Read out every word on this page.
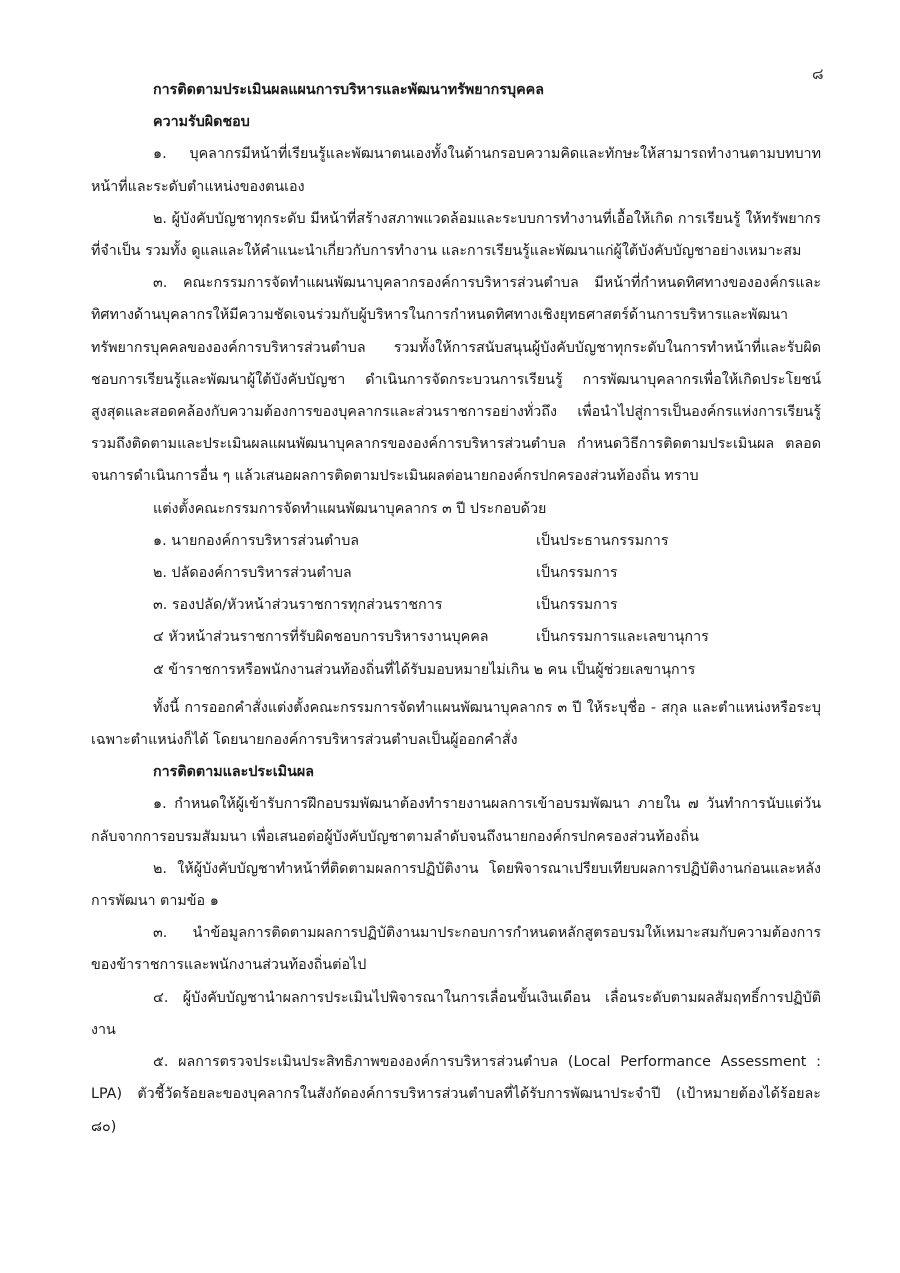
๘
การติดตามประเมินผลแผนการบริหารและพัฒนาทรัพยากรบุคคล
ความรับผิดชอบ
๑. บุคลากรมีหน้าที่เรียนรู้และพัฒนาตนเองทั้งในด้านกรอบความคิดและทักษะให้สามารถทำงานตามบทบาทหน้าที่และระดับตำแหน่งของตนเอง
๒. ผู้บังคับบัญชาทุกระดับ มีหน้าที่สร้างสภาพแวดล้อมและระบบการทำงานที่เอื้อให้เกิด การเรียนรู้ ให้ทรัพยากรที่จำเป็น รวมทั้ง ดูแลและให้คำแนะนำเกี่ยวกับการทำงาน และการเรียนรู้และพัฒนาแก่ผู้ใต้บังคับบัญชาอย่างเหมาะสม
๓. คณะกรรมการจัดทำแผนพัฒนาบุคลากรองค์การบริหารส่วนตำบล มีหน้าที่กำหนดทิศทางขององค์กรและทิศทางด้านบุคลากรให้มีความชัดเจนร่วมกับผู้บริหารในการกำหนดทิศทางเชิงยุทธศาสตร์ด้านการบริหารและพัฒนาทรัพยากรบุคคลขององค์การบริหารส่วนตำบล รวมทั้งให้การสนับสนุนผู้บังคับบัญชาทุกระดับในการทำหน้าที่และรับผิดชอบการเรียนรู้และพัฒนาผู้ใต้บังคับบัญชา ดำเนินการจัดกระบวนการเรียนรู้ การพัฒนาบุคลากรเพื่อให้เกิดประโยชน์สูงสุดและสอดคล้องกับความต้องการของบุคลากรและส่วนราชการอย่างทั่วถึง เพื่อนำไปสู่การเป็นองค์กรแห่งการเรียนรู้ รวมถึงติดตามและประเมินผลแผนพัฒนาบุคลากรขององค์การบริหารส่วนตำบล กำหนดวิธีการติดตามประเมินผล ตลอดจนการดำเนินการอื่น ๆ แล้วเสนอผลการติดตามประเมินผลต่อนายกองค์กรปกครองส่วนท้องถิ่น ทราบ
แต่งตั้งคณะกรรมการจัดทำแผนพัฒนาบุคลากร ๓ ปี ประกอบด้วย
๑. นายกองค์การบริหารส่วนตำบล	เป็นประธานกรรมการ
๒. ปลัดองค์การบริหารส่วนตำบล	เป็นกรรมการ
๓. รองปลัด/หัวหน้าส่วนราชการทุกส่วนราชการ	เป็นกรรมการ
๔ หัวหน้าส่วนราชการที่รับผิดชอบการบริหารงานบุคคล	เป็นกรรมการและเลขานุการ
๕ ข้าราชการหรือพนักงานส่วนท้องถิ่นที่ได้รับมอบหมายไม่เกิน ๒ คน เป็นผู้ช่วยเลขานุการ
ทั้งนี้ การออกคำสั่งแต่งตั้งคณะกรรมการจัดทำแผนพัฒนาบุคลากร ๓ ปี ให้ระบุชื่อ - สกุล และตำแหน่งหรือระบุเฉพาะตำแหน่งก็ได้ โดยนายกองค์การบริหารส่วนตำบลเป็นผู้ออกคำสั่ง
การติดตามและประเมินผล
๑. กำหนดให้ผู้เข้ารับการฝึกอบรมพัฒนาต้องทำรายงานผลการเข้าอบรมพัฒนา ภายใน ๗ วันทำการนับแต่วันกลับจากการอบรมสัมมนา เพื่อเสนอต่อผู้บังคับบัญชาตามลำดับจนถึงนายกองค์กรปกครองส่วนท้องถิ่น
๒. ให้ผู้บังคับบัญชาทำหน้าที่ติดตามผลการปฏิบัติงาน โดยพิจารณาเปรียบเทียบผลการปฏิบัติงานก่อนและหลังการพัฒนา ตามข้อ ๑
๓. นำข้อมูลการติดตามผลการปฏิบัติงานมาประกอบการกำหนดหลักสูตรอบรมให้เหมาะสมกับความต้องการของข้าราชการและพนักงานส่วนท้องถิ่นต่อไป
๔. ผู้บังคับบัญชานำผลการประเมินไปพิจารณาในการเลื่อนขั้นเงินเดือน เลื่อนระดับตามผลสัมฤทธิ์การปฏิบัติงาน
๕. ผลการตรวจประเมินประสิทธิภาพขององค์การบริหารส่วนตำบล (Local Performance Assessment : LPA) ตัวชี้วัดร้อยละของบุคลากรในสังกัดองค์การบริหารส่วนตำบลที่ได้รับการพัฒนาประจำปี (เป้าหมายต้องได้ร้อยละ ๘๐)
